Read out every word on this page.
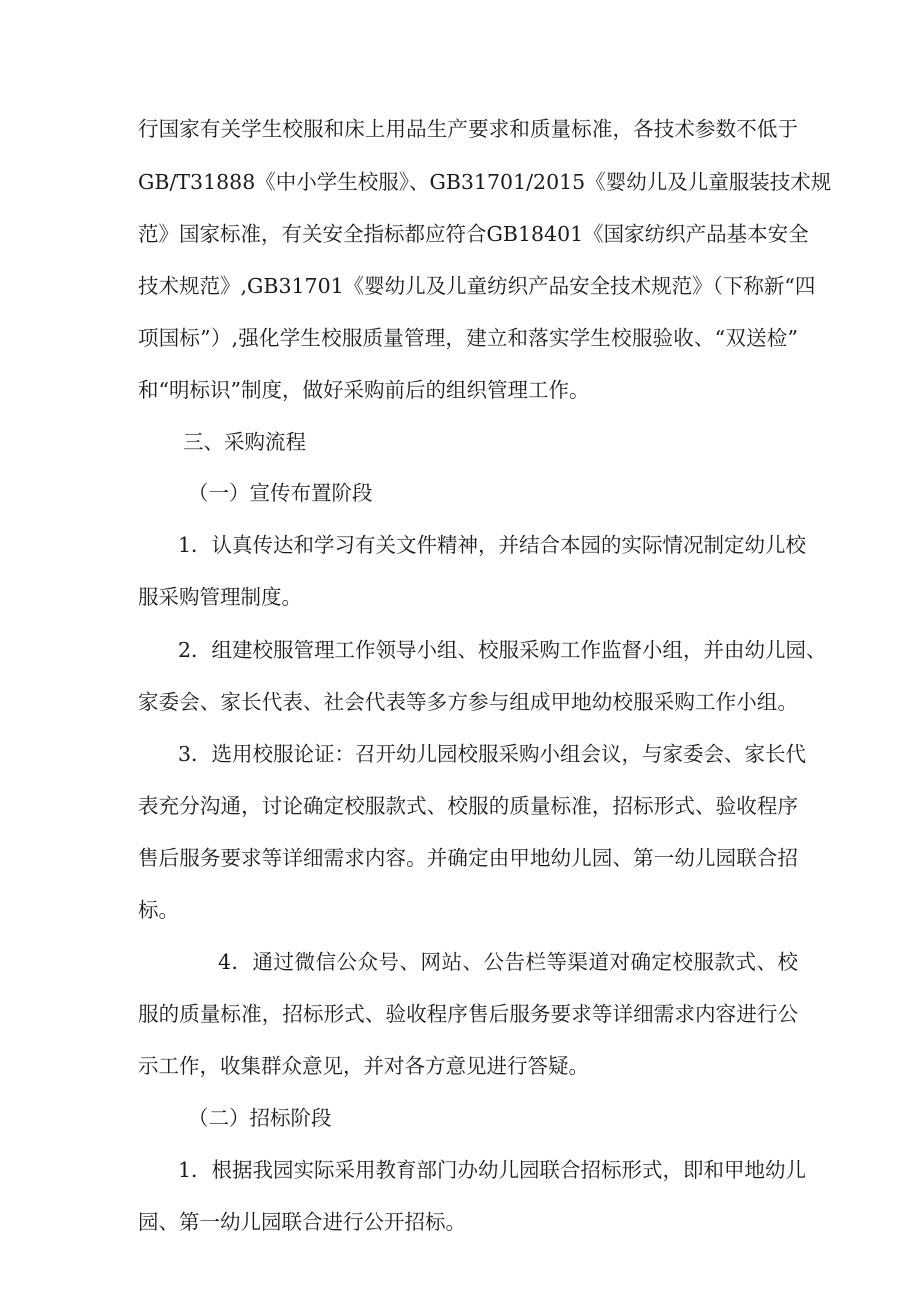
行国家有关学生校服和床上用品生产要求和质量标准，各技术参数不低于
GB/T31888《中小学生校服》、GB31701/2015《婴幼儿及儿童服装技术规
范》国家标准，有关安全指标都应符合GB18401《国家纺织产品基本安全
技术规范》,GB31701《婴幼儿及儿童纺织产品安全技术规范》（下称新“四
项国标”）,强化学生校服质量管理，建立和落实学生校服验收、“双送检”
和“明标识”制度，做好采购前后的组织管理工作。
三、采购流程
（一）宣传布置阶段
1．认真传达和学习有关文件精神，并结合本园的实际情况制定幼儿校
服采购管理制度。
2．组建校服管理工作领导小组、校服采购工作监督小组，并由幼儿园、
家委会、家长代表、社会代表等多方参与组成甲地幼校服采购工作小组。
3．选用校服论证：召开幼儿园校服采购小组会议，与家委会、家长代
表充分沟通，讨论确定校服款式、校服的质量标准，招标形式、验收程序
售后服务要求等详细需求内容。并确定由甲地幼儿园、第一幼儿园联合招
标。
4．通过微信公众号、网站、公告栏等渠道对确定校服款式、校
服的质量标准，招标形式、验收程序售后服务要求等详细需求内容进行公
示工作，收集群众意见，并对各方意见进行答疑。
（二）招标阶段
1．根据我园实际采用教育部门办幼儿园联合招标形式，即和甲地幼儿
园、第一幼儿园联合进行公开招标。
